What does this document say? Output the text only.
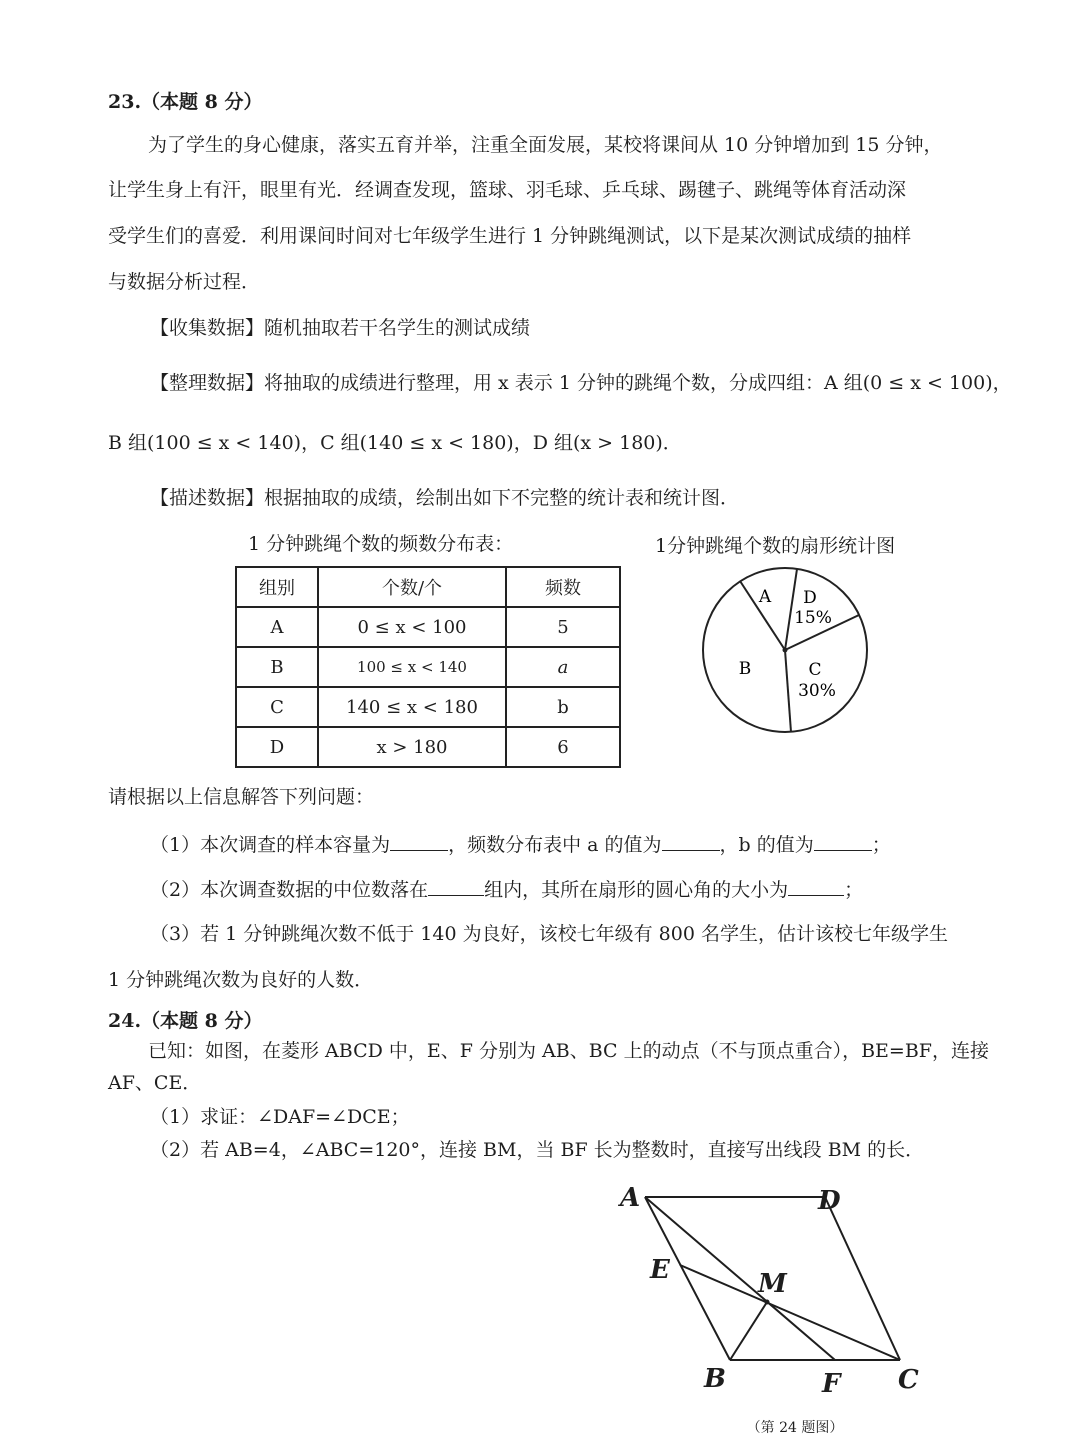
23.（本题 8 分）
为了学生的身心健康，落实五育并举，注重全面发展，某校将课间从 10 分钟增加到 15 分钟，
让学生身上有汗，眼里有光．经调查发现，篮球、羽毛球、乒乓球、踢毽子、跳绳等体育活动深
受学生们的喜爱．利用课间时间对七年级学生进行 1 分钟跳绳测试，以下是某次测试成绩的抽样
与数据分析过程．
【收集数据】随机抽取若干名学生的测试成绩
【整理数据】将抽取的成绩进行整理，用 x 表示 1 分钟的跳绳个数，分成四组：A 组(0 ≤ x < 100)，
B 组(100 ≤ x < 140)，C 组(140 ≤ x < 180)，D 组(x > 180)．
【描述数据】根据抽取的成绩，绘制出如下不完整的统计表和统计图．
1 分钟跳绳个数的频数分布表：	1分钟跳绳个数的扇形统计图
组别	个数/个	频数
A	0 ≤ x < 100	5
B	100 ≤ x < 140	a
C	140 ≤ x < 180	b
D	x > 180	6
A D
15%
B	C
30%
请根据以上信息解答下列问题：
（1）本次调查的样本容量为	，频数分布表中 a 的值为	，b 的值为	；
（2）本次调查数据的中位数落在	组内，其所在扇形的圆心角的大小为	；
（3）若 1 分钟跳绳次数不低于 140 为良好，该校七年级有 800 名学生，估计该校七年级学生
1 分钟跳绳次数为良好的人数．
24.（本题 8 分）
已知：如图，在菱形 ABCD 中，E、F 分别为 AB、BC 上的动点（不与顶点重合），BE=BF，连接
AF、CE．
（1）求证：∠DAF=∠DCE；
（2）若 AB=4，∠ABC=120°，连接 BM，当 BF 长为整数时，直接写出线段 BM 的长．
A	D
E	M
B	F C
（第 24 题图）
